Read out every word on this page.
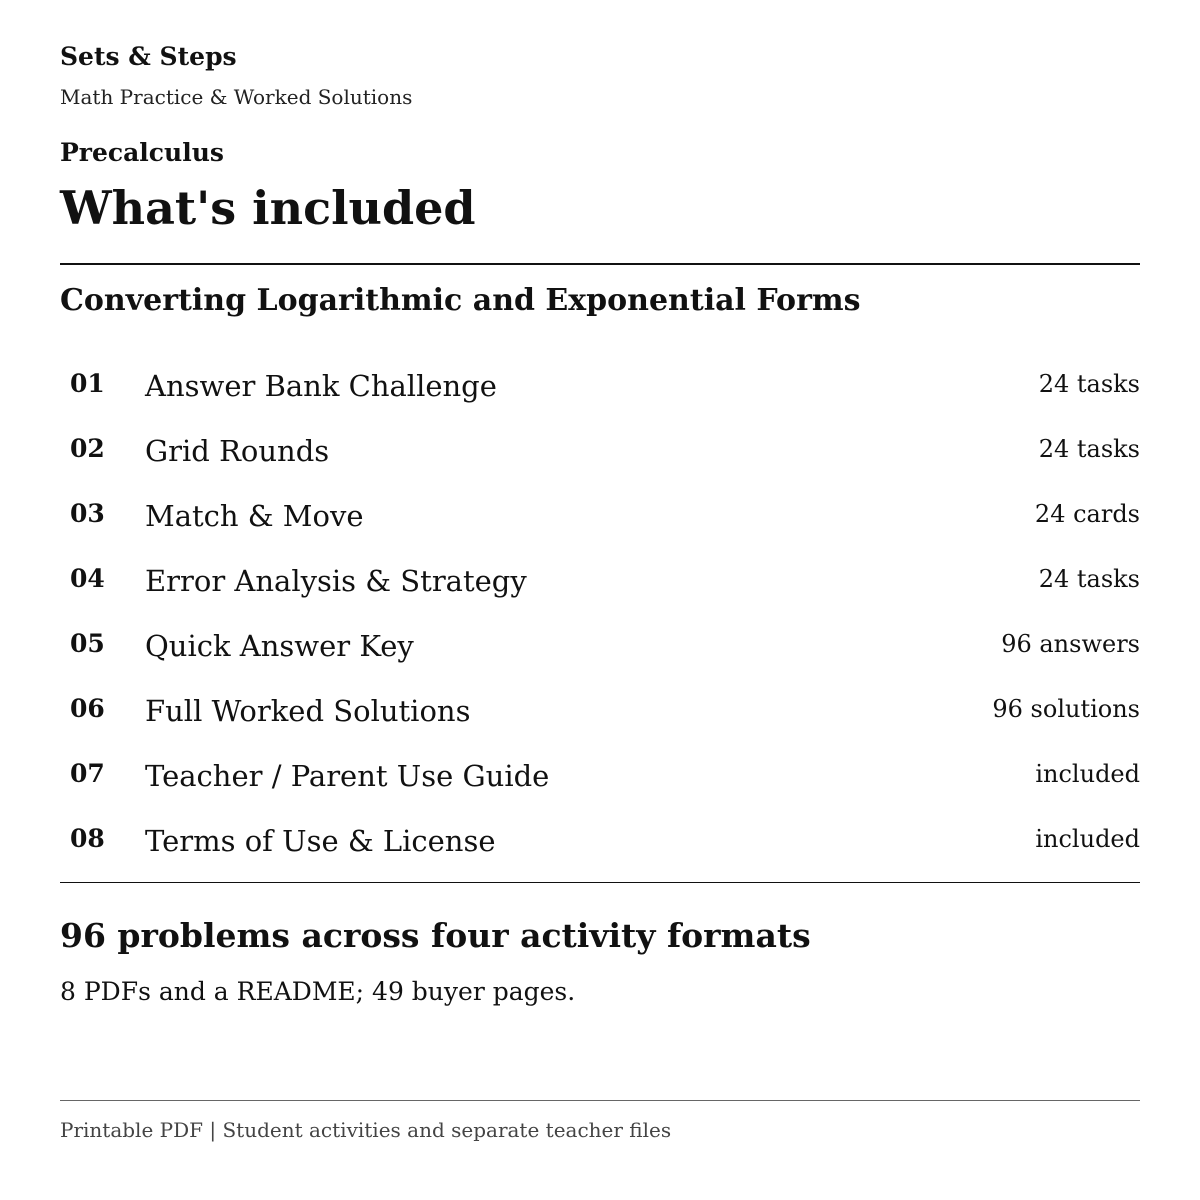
Sets & Steps
Math Practice & Worked Solutions
Precalculus
What's included
Converting Logarithmic and Exponential Forms
01 Answer Bank Challenge	24 tasks
02 Grid Rounds	24 tasks
03 Match & Move	24 cards
04 Error Analysis & Strategy	24 tasks
05 Quick Answer Key	96 answers
06 Full Worked Solutions	96 solutions
07 Teacher / Parent Use Guide	included
08 Terms of Use & License	included
96 problems across four activity formats

8 PDFs and a README; 49 buyer pages.

Printable PDF | Student activities and separate teacher files
